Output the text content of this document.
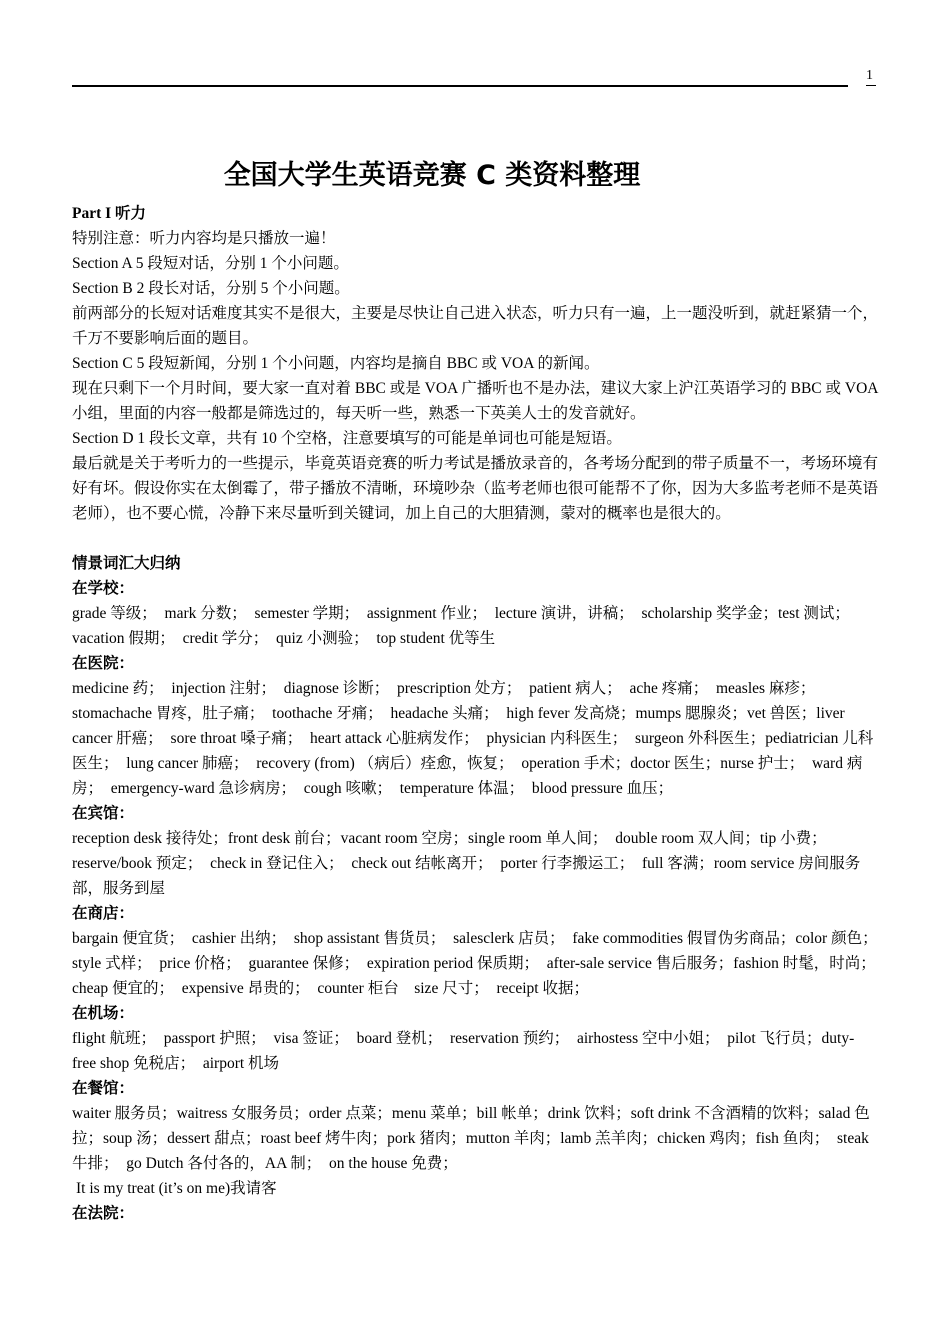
1
全国大学生英语竞赛 C 类资料整理

Part I 听力

特别注意：听力内容均是只播放一遍！

Section A 5 段短对话，分别 1 个小问题。

Section B 2 段长对话，分别 5 个小问题。

前两部分的长短对话难度其实不是很大，主要是尽快让自己进入状态，听力只有一遍，上一题没听到，就赶紧猜一个，千万不要影响后面的题目。

Section C 5 段短新闻，分别 1 个小问题，内容均是摘自 BBC 或 VOA 的新闻。

现在只剩下一个月时间，要大家一直对着 BBC 或是 VOA 广播听也不是办法，建议大家上沪江英语学习的 BBC 或 VOA 小组，里面的内容一般都是筛选过的，每天听一些，熟悉一下英美人士的发音就好。

Section D 1 段长文章，共有 10 个空格，注意要填写的可能是单词也可能是短语。

最后就是关于考听力的一些提示，毕竟英语竞赛的听力考试是播放录音的，各考场分配到的带子质量不一，考场环境有好有坏。假设你实在太倒霉了，带子播放不清晰，环境吵杂（监考老师也很可能帮不了你，因为大多监考老师不是英语老师），也不要心慌，冷静下来尽量听到关键词，加上自己的大胆猜测，蒙对的概率也是很大的。

情景词汇大归纳

在学校：

grade 等级；　mark 分数；　semester 学期；　assignment 作业；　lecture 演讲，讲稿；　scholarship 奖学金；test 测试；　vacation 假期；　credit 学分；　quiz 小测验；　top student 优等生

在医院：

medicine 药；　injection 注射；　diagnose 诊断；　prescription 处方；　patient 病人；　ache 疼痛；　measles 麻疹；stomachache 胃疼，肚子痛；　toothache 牙痛；　headache 头痛；　high fever 发高烧；mumps 腮腺炎；vet 兽医；liver cancer 肝癌；　sore throat 嗓子痛；　heart attack 心脏病发作；　physician 内科医生；　surgeon 外科医生；pediatrician 儿科医生；　lung cancer 肺癌；　recovery (from) （病后）痊愈，恢复；　operation 手术；doctor 医生；nurse 护士；　ward 病房；　emergency-ward 急诊病房；　cough 咳嗽；　temperature 体温；　blood pressure 血压；

在宾馆：

reception desk 接待处；front desk 前台；vacant room 空房；single room 单人间；　double room 双人间；tip 小费；reserve/book 预定；　check in 登记住入；　check out 结帐离开；　porter 行李搬运工；　full 客满；room service 房间服务部，服务到屋

在商店：

bargain 便宜货；　cashier 出纳；　shop assistant 售货员；　salesclerk 店员；　fake commodities 假冒伪劣商品；color 颜色；　style 式样；　price 价格；　guarantee 保修；　expiration period 保质期；　after-sale service 售后服务；fashion 时髦，时尚；　cheap 便宜的；　expensive 昂贵的；　counter 柜台　size 尺寸；　receipt 收据；

在机场：

flight 航班；　passport 护照；　visa 签证；　board 登机；　reservation 预约；　airhostess 空中小姐；　pilot 飞行员；duty-free shop 免税店；　airport 机场

在餐馆：

waiter 服务员；waitress 女服务员；order 点菜；menu 菜单；bill 帐单；drink 饮料；soft drink 不含酒精的饮料；salad 色拉；soup 汤；dessert 甜点；roast beef 烤牛肉；pork 猪肉；mutton 羊肉；lamb 羔羊肉；chicken 鸡肉；fish 鱼肉；　steak 牛排；　go Dutch 各付各的，AA 制；　on the house 免费；

It is my treat (it’s on me)我请客

在法院：
